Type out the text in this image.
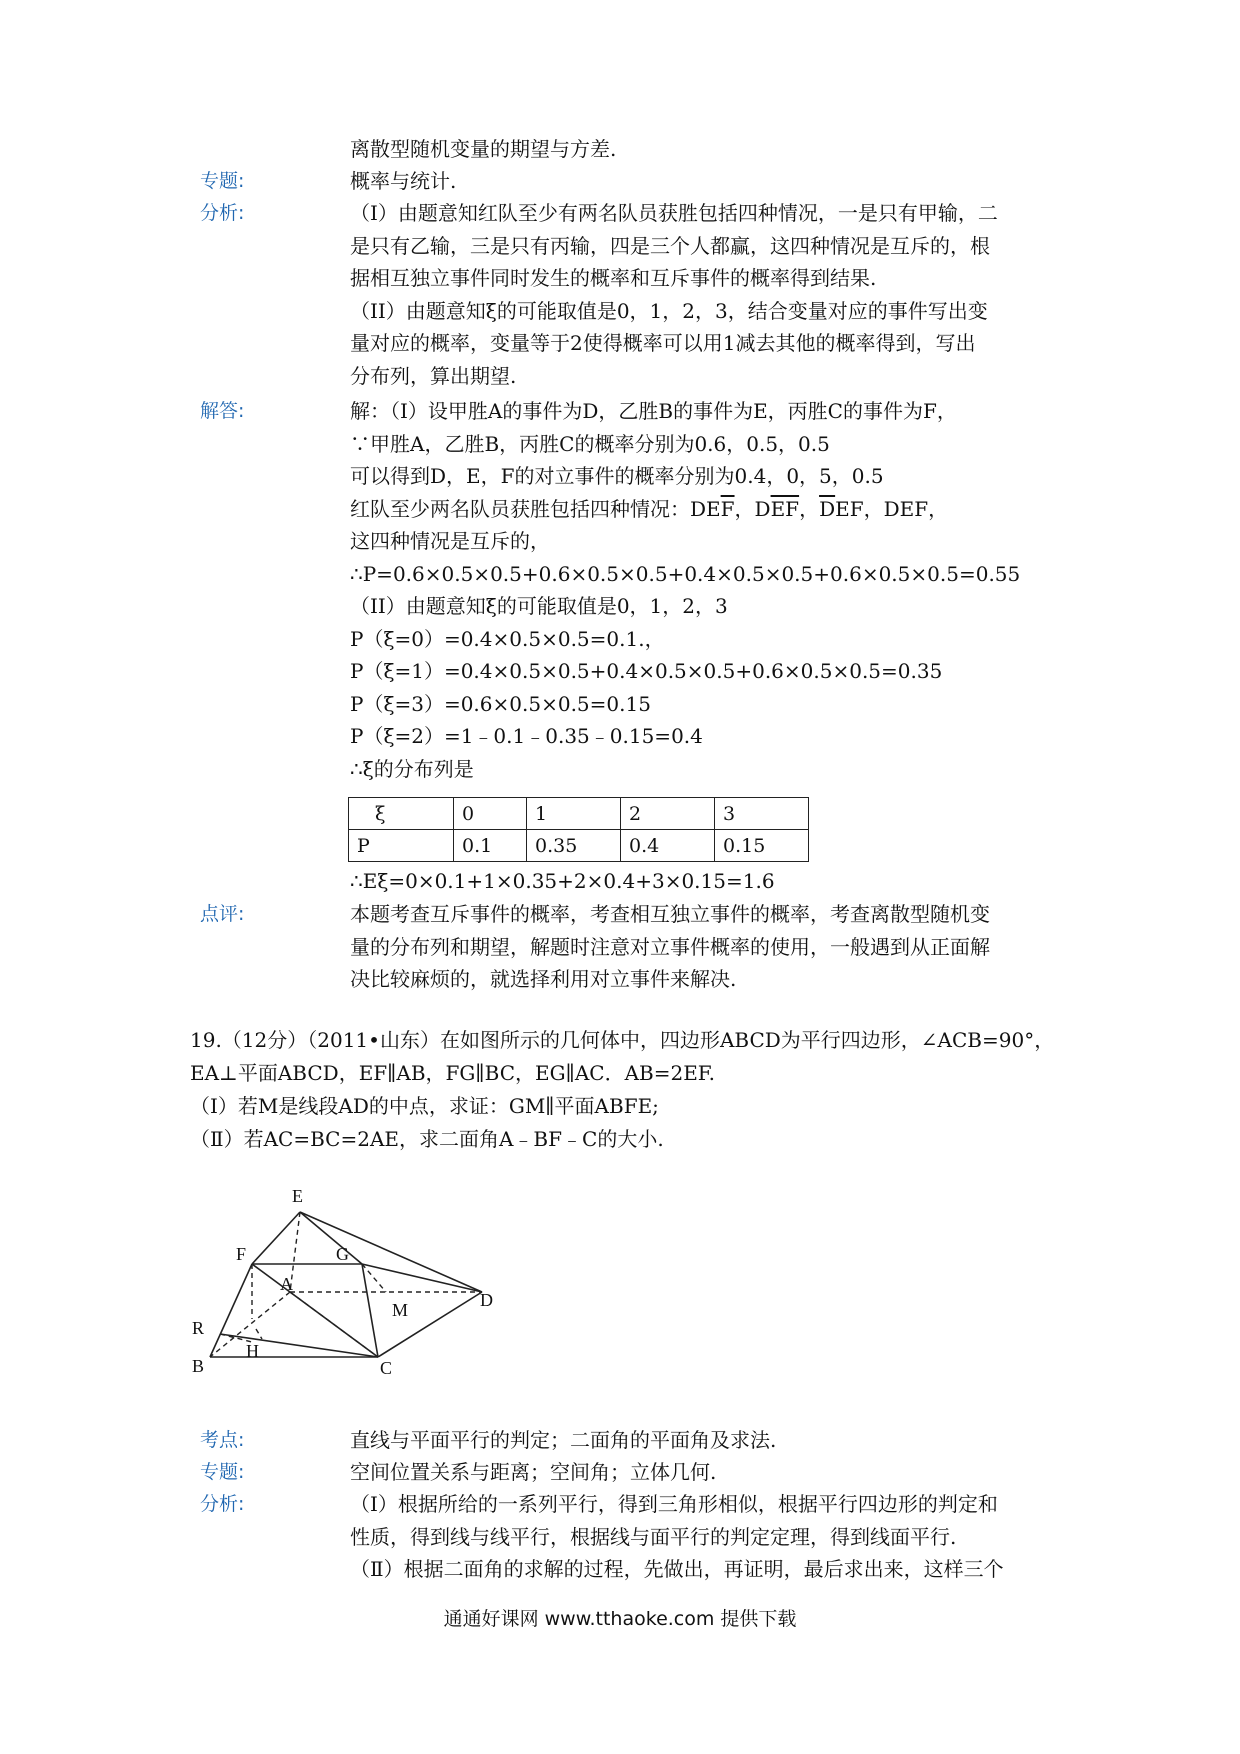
离散型随机变量的期望与方差.
专题:	概率与统计.
分析:	（I）由题意知红队至少有两名队员获胜包括四种情况，一是只有甲输，二
是只有乙输，三是只有丙输，四是三个人都赢，这四种情况是互斥的，根
据相互独立事件同时发生的概率和互斥事件的概率得到结果.
（II）由题意知ξ的可能取值是0，1，2，3，结合变量对应的事件写出变
量对应的概率，变量等于2使得概率可以用1减去其他的概率得到，写出
分布列，算出期望.
解答:	解：（I）设甲胜A的事件为D，乙胜B的事件为E，丙胜C的事件为F，
∵甲胜A，乙胜B，丙胜C的概率分别为0.6，0.5，0.5
可以得到D，E，F的对立事件的概率分别为0.4，0，5，0.5
红队至少两名队员获胜包括四种情况：$DE\overline{F}$，$D\overline{EF}$，$\overline{D}EF$，DEF，
这四种情况是互斥的，
∴P=0.6×0.5×0.5+0.6×0.5×0.5+0.4×0.5×0.5+0.6×0.5×0.5=0.55
（II）由题意知ξ的可能取值是0，1，2，3
P（ξ=0）=0.4×0.5×0.5=0.1.，
P（ξ=1）=0.4×0.5×0.5+0.4×0.5×0.5+0.6×0.5×0.5=0.35
P（ξ=3）=0.6×0.5×0.5=0.15
P（ξ=2）=1﹣0.1﹣0.35﹣0.15=0.4
∴ξ的分布列是
ξ	0	1	2	3
P	0.1	0.35	0.4	0.15
∴Eξ=0×0.1+1×0.35+2×0.4+3×0.15=1.6
点评:	本题考查互斥事件的概率，考查相互独立事件的概率，考查离散型随机变
量的分布列和期望，解题时注意对立事件概率的使用，一般遇到从正面解
决比较麻烦的，就选择利用对立事件来解决.
19.（12分）（2011•山东）在如图所示的几何体中，四边形ABCD为平行四边形，∠ACB=90°，
EA⊥平面ABCD，EF∥AB，FG∥BC，EG∥AC．AB=2EF.
（Ⅰ）若M是线段AD的中点，求证：GM∥平面ABFE;
（Ⅱ）若AC=BC=2AE，求二面角A﹣BF﹣C的大小.
E
F	G
A
D
R
M
H
B	C
考点:	直线与平面平行的判定；二面角的平面角及求法.
专题:	空间位置关系与距离；空间角；立体几何.
分析:	（Ⅰ）根据所给的一系列平行，得到三角形相似，根据平行四边形的判定和
性质，得到线与线平行，根据线与面平行的判定定理，得到线面平行.
（Ⅱ）根据二面角的求解的过程，先做出，再证明，最后求出来，这样三个
通通好课网 www.tthaoke.com 提供下载
